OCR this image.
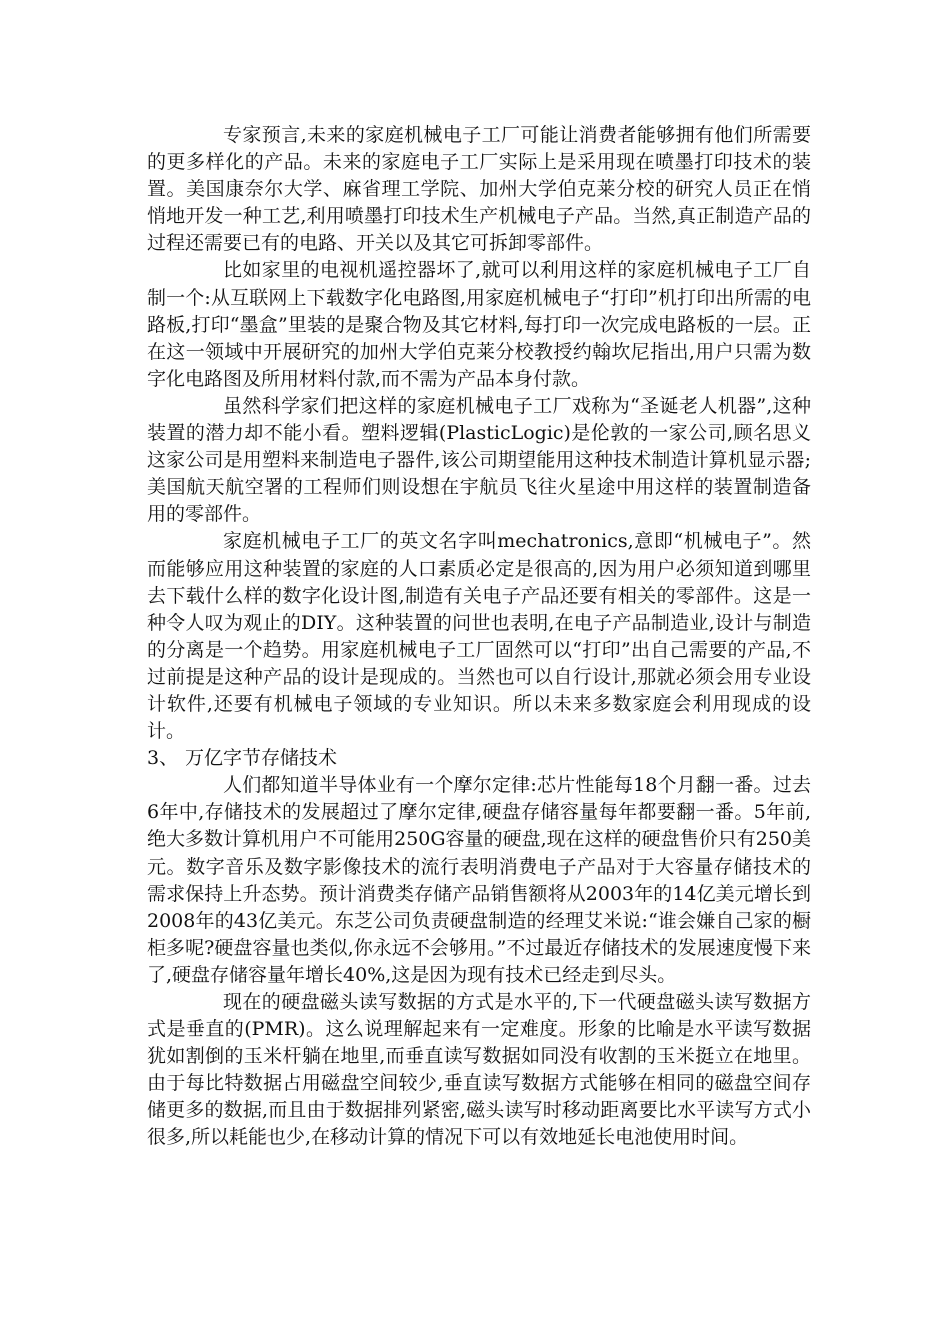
专家预言,未来的家庭机械电子工厂可能让消费者能够拥有他们所需要的更多样化的产品。未来的家庭电子工厂实际上是采用现在喷墨打印技术的装置。美国康奈尔大学、麻省理工学院、加州大学伯克莱分校的研究人员正在悄悄地开发一种工艺,利用喷墨打印技术生产机械电子产品。当然,真正制造产品的过程还需要已有的电路、开关以及其它可拆卸零部件。

比如家里的电视机遥控器坏了,就可以利用这样的家庭机械电子工厂自制一个:从互联网上下载数字化电路图,用家庭机械电子“打印”机打印出所需的电路板,打印“墨盒”里装的是聚合物及其它材料,每打印一次完成电路板的一层。正在这一领域中开展研究的加州大学伯克莱分校教授约翰坎尼指出,用户只需为数字化电路图及所用材料付款,而不需为产品本身付款。

虽然科学家们把这样的家庭机械电子工厂戏称为“圣诞老人机器”,这种装置的潜力却不能小看。塑料逻辑(PlasticLogic)是伦敦的一家公司,顾名思义这家公司是用塑料来制造电子器件,该公司期望能用这种技术制造计算机显示器;美国航天航空署的工程师们则设想在宇航员飞往火星途中用这样的装置制造备用的零部件。

家庭机械电子工厂的英文名字叫mechatronics,意即“机械电子”。然而能够应用这种装置的家庭的人口素质必定是很高的,因为用户必须知道到哪里去下载什么样的数字化设计图,制造有关电子产品还要有相关的零部件。这是一种令人叹为观止的DIY。这种装置的问世也表明,在电子产品制造业,设计与制造的分离是一个趋势。用家庭机械电子工厂固然可以“打印”出自己需要的产品,不过前提是这种产品的设计是现成的。当然也可以自行设计,那就必须会用专业设计软件,还要有机械电子领域的专业知识。所以未来多数家庭会利用现成的设计。

3、 万亿字节存储技术

人们都知道半导体业有一个摩尔定律:芯片性能每18个月翻一番。过去6年中,存储技术的发展超过了摩尔定律,硬盘存储容量每年都要翻一番。5年前,绝大多数计算机用户不可能用250G容量的硬盘,现在这样的硬盘售价只有250美元。数字音乐及数字影像技术的流行表明消费电子产品对于大容量存储技术的需求保持上升态势。预计消费类存储产品销售额将从2003年的14亿美元增长到2008年的43亿美元。东芝公司负责硬盘制造的经理艾米说:“谁会嫌自己家的橱柜多呢?硬盘容量也类似,你永远不会够用。”不过最近存储技术的发展速度慢下来了,硬盘存储容量年增长40%,这是因为现有技术已经走到尽头。

现在的硬盘磁头读写数据的方式是水平的,下一代硬盘磁头读写数据方式是垂直的(PMR)。这么说理解起来有一定难度。形象的比喻是水平读写数据犹如割倒的玉米杆躺在地里,而垂直读写数据如同没有收割的玉米挺立在地里。由于每比特数据占用磁盘空间较少,垂直读写数据方式能够在相同的磁盘空间存储更多的数据,而且由于数据排列紧密,磁头读写时移动距离要比水平读写方式小很多,所以耗能也少,在移动计算的情况下可以有效地延长电池使用时间。
